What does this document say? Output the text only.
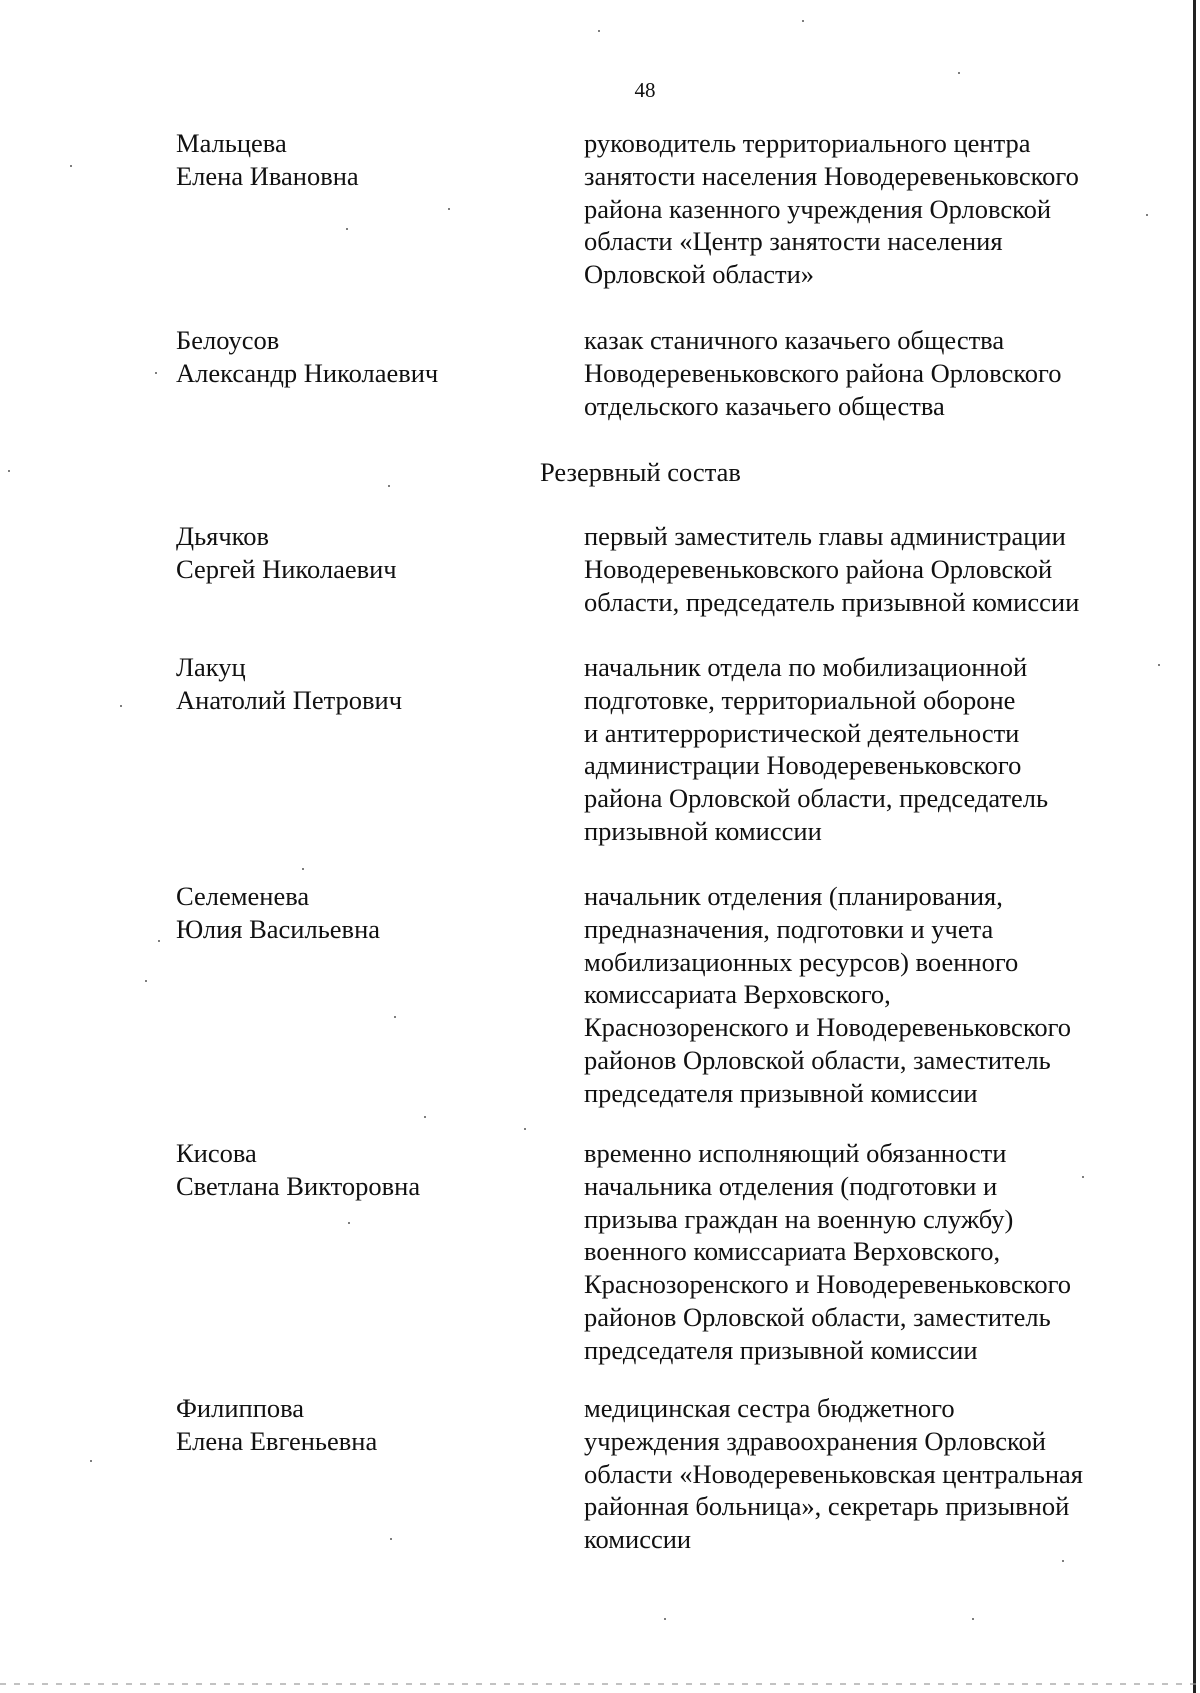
48
Мальцева
Елена Ивановна
руководитель территориального центра
занятости населения Новодеревеньковского
района казенного учреждения Орловской
области «Центр занятости населения
Орловской области»
Белоусов
Александр Николаевич
казак станичного казачьего общества
Новодеревеньковского района Орловского
отдельского казачьего общества
Резервный состав
Дьячков
Сергей Николаевич
первый заместитель главы администрации
Новодеревеньковского района Орловской
области, председатель призывной комиссии
Лакуц
Анатолий Петрович
начальник отдела по мобилизационной
подготовке, территориальной обороне
и антитеррористической деятельности
администрации Новодеревеньковского
района Орловской области, председатель
призывной комиссии
Селеменева
Юлия Васильевна
начальник отделения (планирования,
предназначения, подготовки и учета
мобилизационных ресурсов) военного
комиссариата Верховского,
Краснозоренского и Новодеревеньковского
районов Орловской области, заместитель
председателя призывной комиссии
Кисова
Светлана Викторовна
временно исполняющий обязанности
начальника отделения (подготовки и
призыва граждан на военную службу)
военного комиссариата Верховского,
Краснозоренского и Новодеревеньковского
районов Орловской области, заместитель
председателя призывной комиссии
Филиппова
Елена Евгеньевна
медицинская сестра бюджетного
учреждения здравоохранения Орловской
области «Новодеревеньковская центральная
районная больница», секретарь призывной
комиссии
